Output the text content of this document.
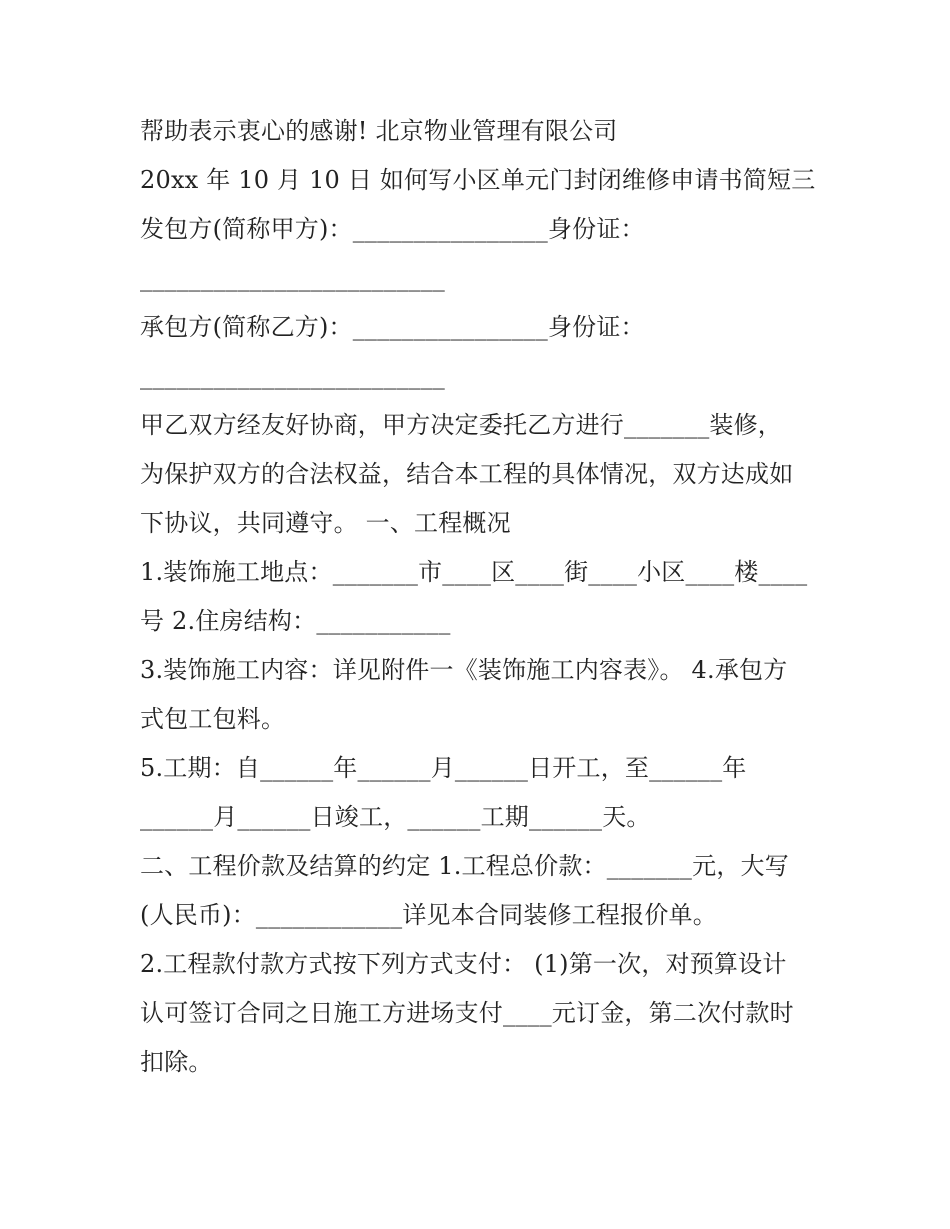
帮助表示衷心的感谢! 北京物业管理有限公司
20xx 年 10 月 10 日 如何写小区单元门封闭维修申请书简短三
发包方(简称甲方)：________________身份证：
_________________________
承包方(简称乙方)：________________身份证：
_________________________
甲乙双方经友好协商，甲方决定委托乙方进行_______装修，
为保护双方的合法权益，结合本工程的具体情况，双方达成如
下协议，共同遵守。 一、工程概况
1.装饰施工地点：_______市____区____街____小区____楼____
号 2.住房结构：___________
3.装饰施工内容：详见附件一《装饰施工内容表》。 4.承包方
式包工包料。
5.工期：自______年______月______日开工，至______年
______月______日竣工，______工期______天。
二、工程价款及结算的约定 1.工程总价款：_______元，大写
(人民币)：____________详见本合同装修工程报价单。
2.工程款付款方式按下列方式支付： (1)第一次，对预算设计
认可签订合同之日施工方进场支付____元订金，第二次付款时
扣除。
